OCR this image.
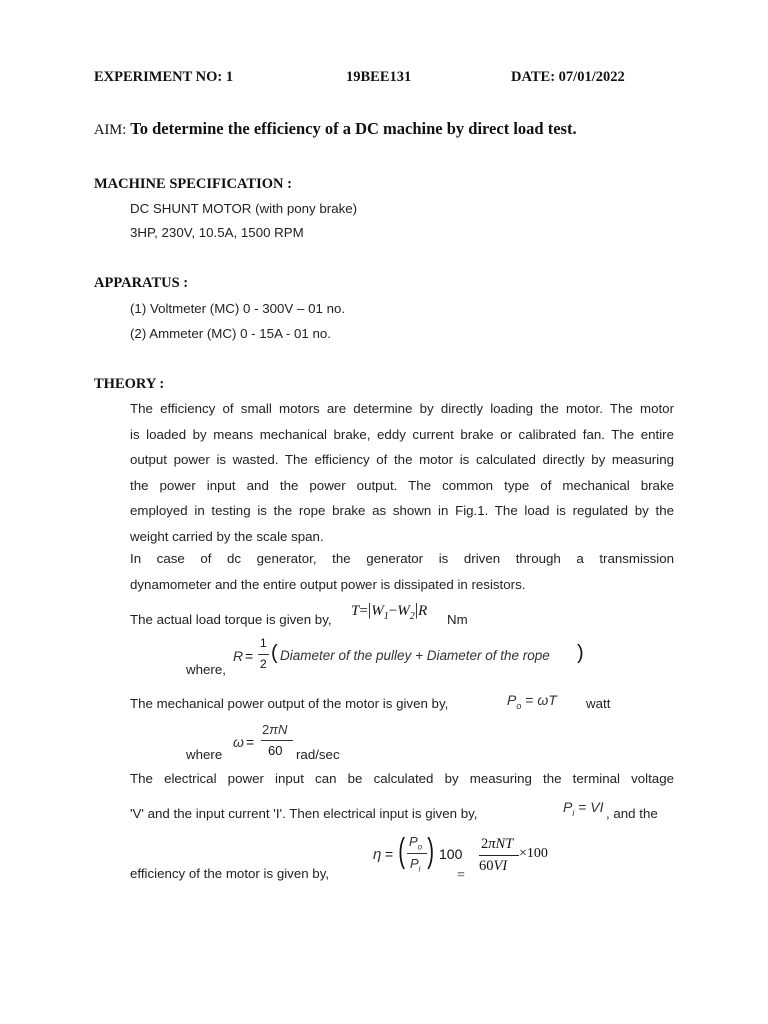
EXPERIMENT NO: 1	19BEE131	DATE: 07/01/2022
AIM: To determine the efficiency of a DC machine by direct load test.
MACHINE SPECIFICATION :
DC SHUNT MOTOR (with pony brake)
3HP, 230V, 10.5A, 1500 RPM
APPARATUS :
(1) Voltmeter (MC) 0 - 300V – 01 no.
(2) Ammeter (MC) 0 - 15A - 01 no.
THEORY :
The efficiency of small motors are determine by directly loading the motor. The motor
is loaded by means mechanical brake, eddy current brake or calibrated fan. The entire
output power is wasted. The efficiency of the motor is calculated directly by measuring
the power input and the power output. The common type of mechanical brake
employed in testing is the rope brake as shown in Fig.1. The load is regulated by the
weight carried by the scale span.
In case of dc generator, the generator is driven through a transmission
dynamometer and the entire output power is dissipated in resistors.
The actual load torque is given by,
$T=|W_1-W_2|R$
Nm
where,
R =
1
2 ( Diameter of the pulley + Diameter of the rope )
The mechanical power output of the motor is given by,	$P_o = \omega T$ watt
where
ω =
2πN
60 rad/sec
The electrical power input can be calculated by measuring the terminal voltage
'V' and the input current 'I'. Then electrical input is given by,	$P_i$ = VI , and the
efficiency of the motor is given by,
η = ( $P_o$
$P_i$ ) 100
=
2πNT
60VI
×100
